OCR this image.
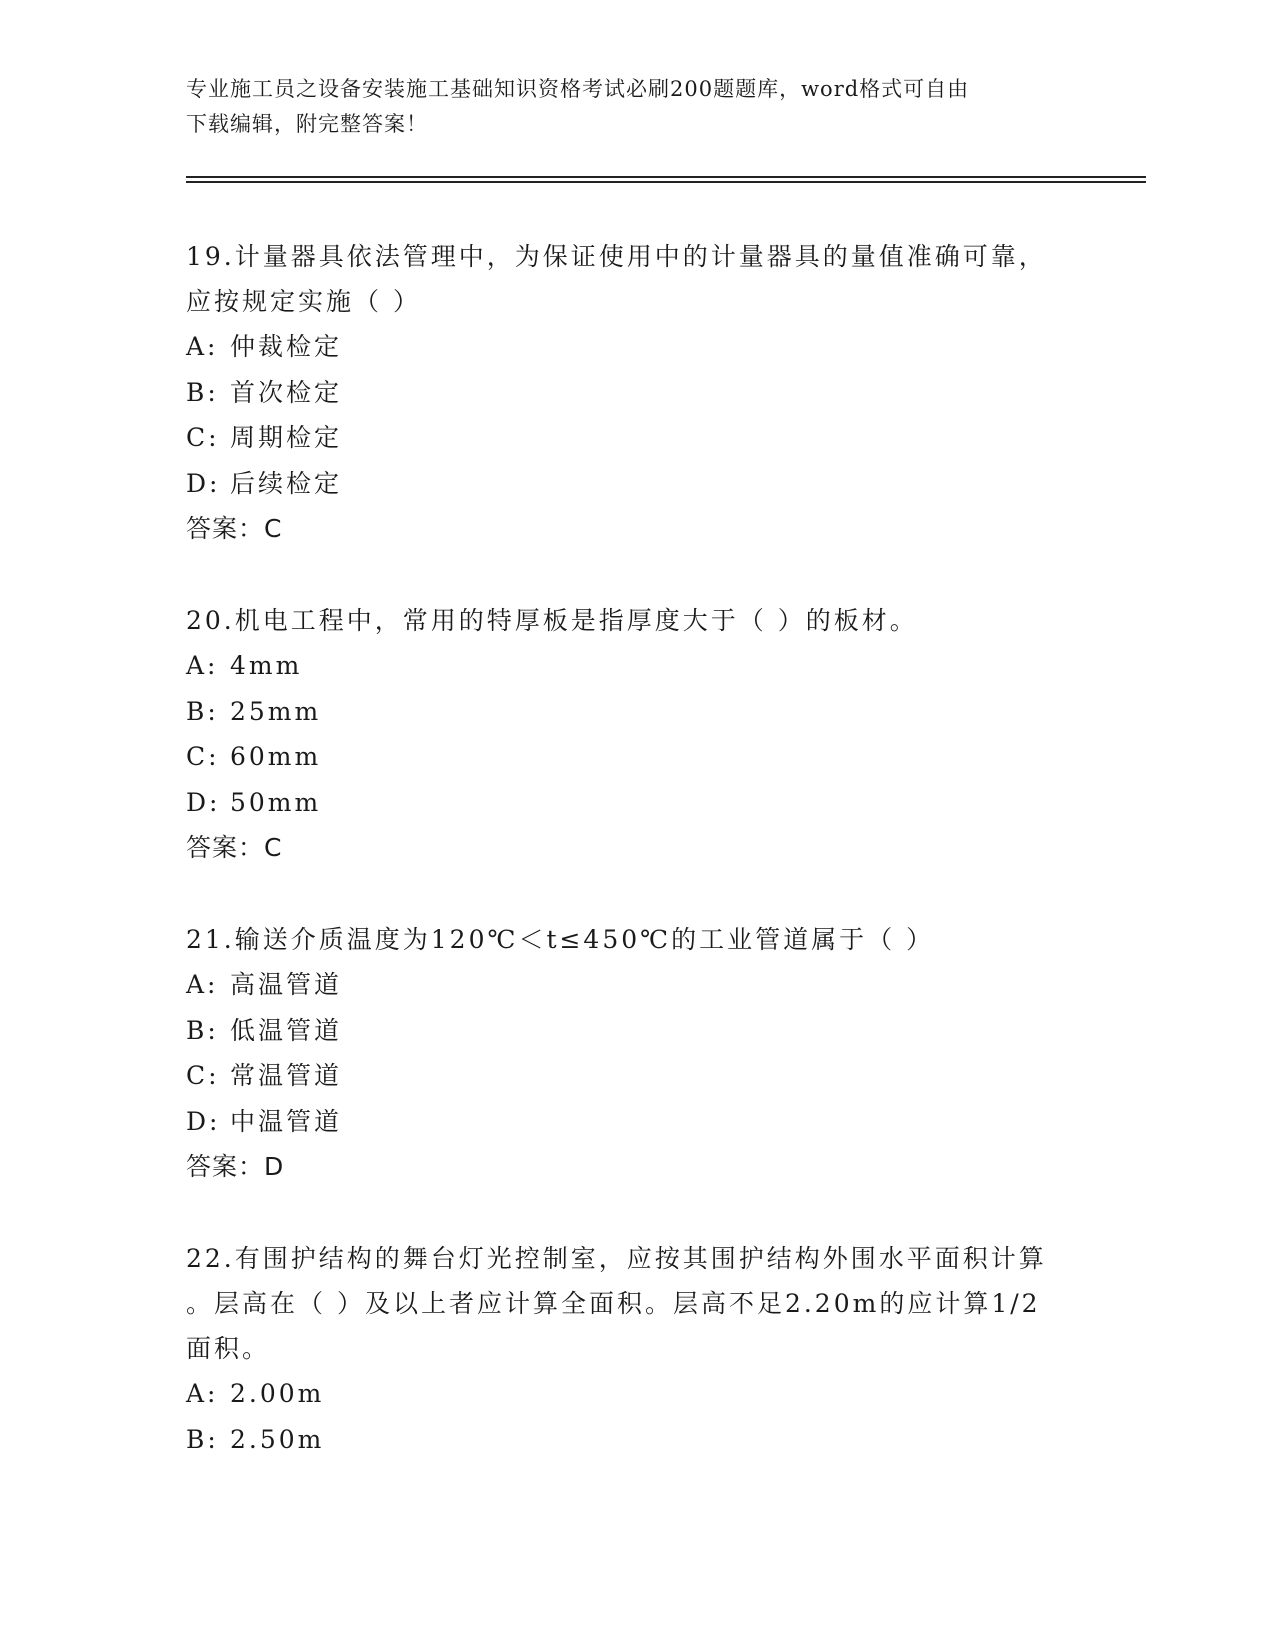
专业施工员之设备安装施工基础知识资格考试必刷200题题库，word格式可自由
下载编辑，附完整答案！

19.计量器具依法管理中，为保证使用中的计量器具的量值准确可靠，

应按规定实施（ ）

A: 仲裁检定

B: 首次检定

C: 周期检定

D: 后续检定

答案：C

20.机电工程中，常用的特厚板是指厚度大于（ ）的板材。

A: 4mm

B: 25mm

C: 60mm

D: 50mm

答案：C

21.输送介质温度为120℃＜t≤450℃的工业管道属于（ ）

A: 高温管道

B: 低温管道

C: 常温管道

D: 中温管道

答案：D

22.有围护结构的舞台灯光控制室，应按其围护结构外围水平面积计算

。层高在（ ）及以上者应计算全面积。层高不足2.20m的应计算1/2

面积。

A: 2.00m

B: 2.50m
